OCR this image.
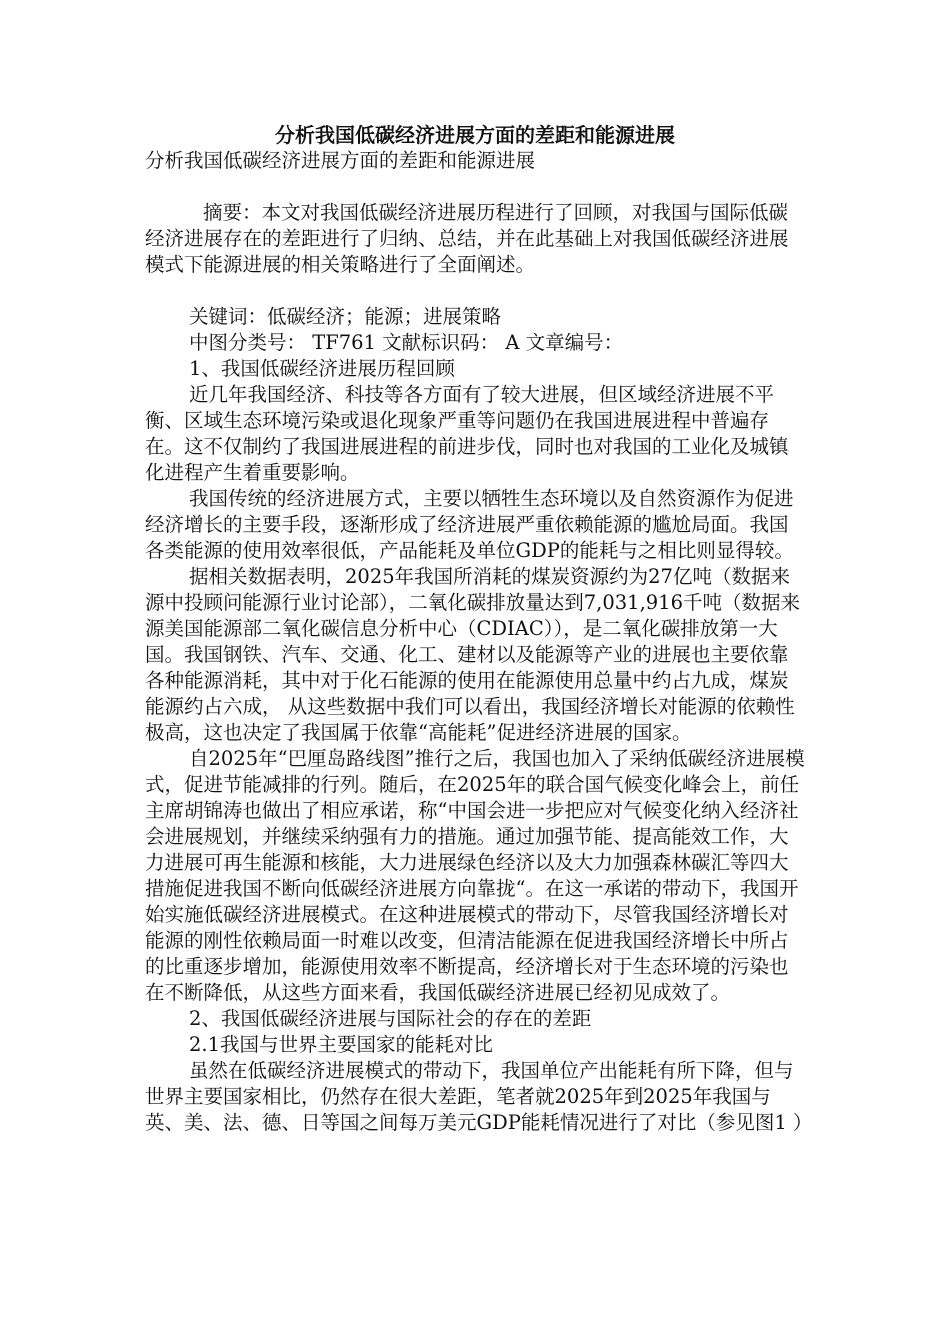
分析我国低碳经济进展方面的差距和能源进展

分析我国低碳经济进展方面的差距和能源进展

摘要：本文对我国低碳经济进展历程进行了回顾，对我国与国际低碳经济进展存在的差距进行了归纳、总结，并在此基础上对我国低碳经济进展模式下能源进展的相关策略进行了全面阐述。

关键词：低碳经济；能源；进展策略

中图分类号： TF761 文献标识码： A 文章编号：

1、我国低碳经济进展历程回顾

近几年我国经济、科技等各方面有了较大进展，但区域经济进展不平衡、区域生态环境污染或退化现象严重等问题仍在我国进展进程中普遍存在。这不仅制约了我国进展进程的前进步伐，同时也对我国的工业化及城镇化进程产生着重要影响。

我国传统的经济进展方式，主要以牺牲生态环境以及自然资源作为促进经济增长的主要手段，逐渐形成了经济进展严重依赖能源的尴尬局面。我国各类能源的使用效率很低，产品能耗及单位GDP的能耗与之相比则显得较。

据相关数据表明，2025年我国所消耗的煤炭资源约为27亿吨（数据来源中投顾问能源行业讨论部），二氧化碳排放量达到7,031,916千吨（数据来源美国能源部二氧化碳信息分析中心（CDIAC）），是二氧化碳排放第一大国。我国钢铁、汽车、交通、化工、建材以及能源等产业的进展也主要依靠各种能源消耗，其中对于化石能源的使用在能源使用总量中约占九成，煤炭能源约占六成， 从这些数据中我们可以看出，我国经济增长对能源的依赖性极高，这也决定了我国属于依靠“高能耗”促进经济进展的国家。

自2025年“巴厘岛路线图”推行之后，我国也加入了采纳低碳经济进展模式，促进节能减排的行列。随后，在2025年的联合国气候变化峰会上，前任主席胡锦涛也做出了相应承诺，称“中国会进一步把应对气候变化纳入经济社会进展规划，并继续采纳强有力的措施。通过加强节能、提高能效工作，大力进展可再生能源和核能，大力进展绿色经济以及大力加强森林碳汇等四大措施促进我国不断向低碳经济进展方向靠拢“。在这一承诺的带动下，我国开始实施低碳经济进展模式。在这种进展模式的带动下，尽管我国经济增长对能源的刚性依赖局面一时难以改变，但清洁能源在促进我国经济增长中所占的比重逐步增加，能源使用效率不断提高，经济增长对于生态环境的污染也在不断降低，从这些方面来看，我国低碳经济进展已经初见成效了。

2、我国低碳经济进展与国际社会的存在的差距

2.1我国与世界主要国家的能耗对比

虽然在低碳经济进展模式的带动下，我国单位产出能耗有所下降，但与世界主要国家相比，仍然存在很大差距，笔者就2025年到2025年我国与英、美、法、德、日等国之间每万美元GDP能耗情况进行了对比（参见图1 ）
